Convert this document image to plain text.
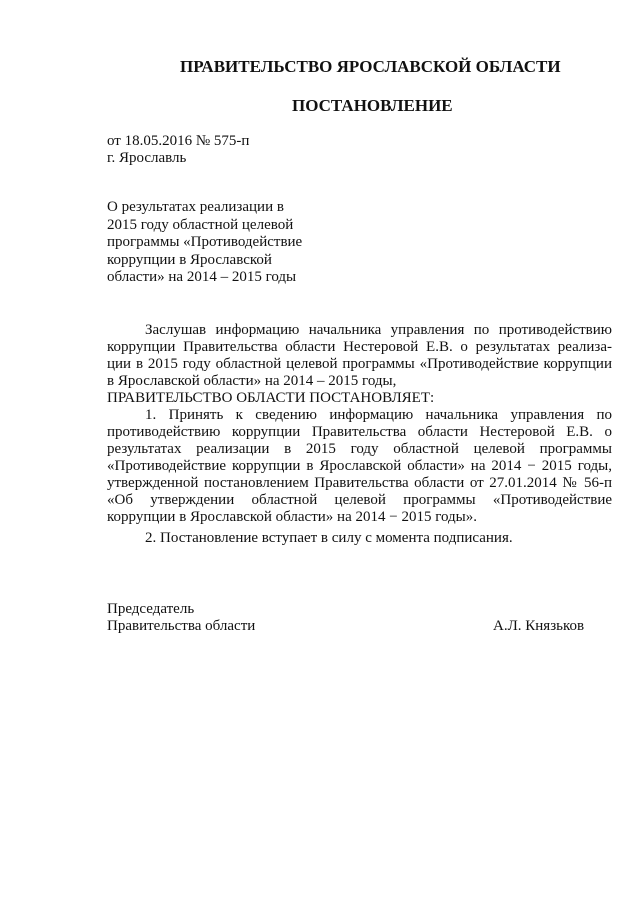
ПРАВИТЕЛЬСТВО ЯРОСЛАВСКОЙ ОБЛАСТИ
ПОСТАНОВЛЕНИЕ
от 18.05.2016 № 575-п
г. Ярославль
О результатах реализации в
2015 году областной целевой
программы «Противодействие
коррупции в Ярославской
области» на 2014 – 2015 годы
Заслушав информацию начальника управления по противодействию
коррупции Правительства области Нестеровой Е.В. о результатах реализа-
ции в 2015 году областной целевой программы «Противодействие коррупции
в Ярославской области» на 2014 – 2015 годы,
ПРАВИТЕЛЬСТВО ОБЛАСТИ ПОСТАНОВЛЯЕТ:
1. Принять к сведению информацию начальника управления по
противодействию коррупции Правительства области Нестеровой Е.В. о
результатах реализации в 2015 году областной целевой программы
«Противодействие коррупции в Ярославской области» на 2014 − 2015 годы,
утвержденной постановлением Правительства области от 27.01.2014 № 56-п
«Об утверждении областной целевой программы «Противодействие
коррупции в Ярославской области» на 2014 − 2015 годы».
2. Постановление вступает в силу с момента подписания.
Председатель
Правительства области	А.Л. Князьков
